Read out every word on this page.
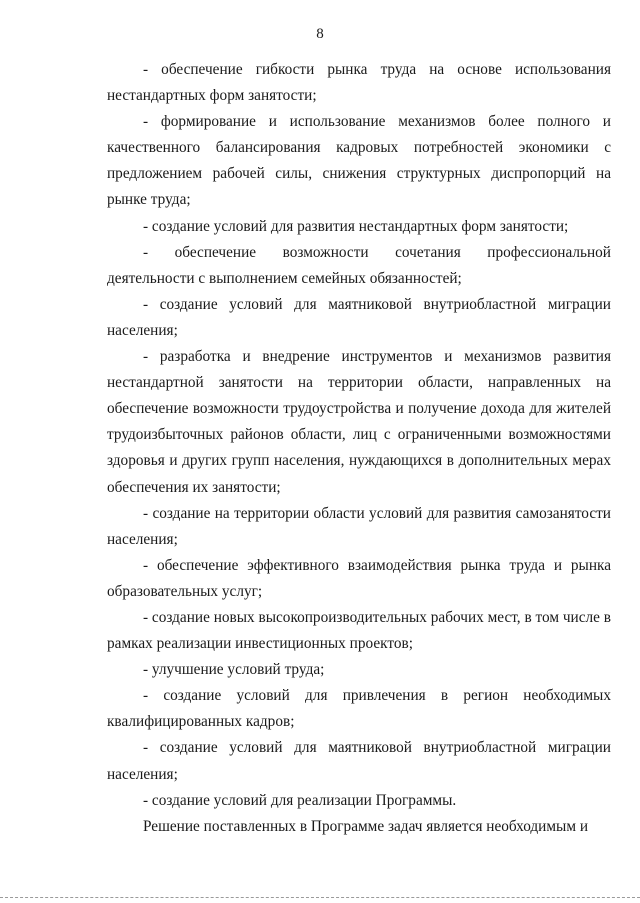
8

- обеспечение гибкости рынка труда на основе использования нестандартных форм занятости;

- формирование и использование механизмов более полного и качественного балансирования кадровых потребностей экономики с предложением рабочей силы, снижения структурных диспропорций на рынке труда;

- создание условий для развития нестандартных форм занятости;

- обеспечение возможности сочетания профессиональной деятельности с выполнением семейных обязанностей;

- создание условий для маятниковой внутриобластной миграции населения;

- разработка и внедрение инструментов и механизмов развития нестандартной занятости на территории области, направленных на обеспечение возможности трудоустройства и получение дохода для жителей трудоизбыточных районов области, лиц с ограниченными возможностями здоровья и других групп населения, нуждающихся в дополнительных мерах обеспечения их занятости;

- создание на территории области условий для развития самозанятости населения;

- обеспечение эффективного взаимодействия рынка труда и рынка образовательных услуг;

- создание новых высокопроизводительных рабочих мест, в том числе в рамках реализации инвестиционных проектов;

- улучшение условий труда;

- создание условий для привлечения в регион необходимых квалифицированных кадров;

- создание условий для маятниковой внутриобластной миграции населения;

- создание условий для реализации Программы.

Решение поставленных в Программе задач является необходимым и
